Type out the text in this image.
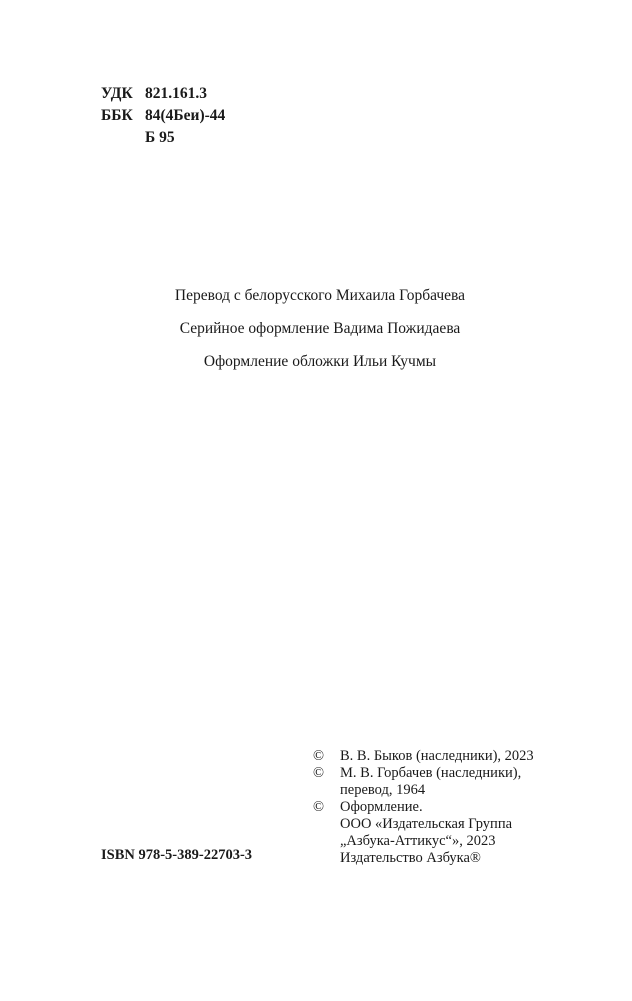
УДК 821.161.3
ББК 84(4Беи)-44
Б 95
Перевод с белорусского Михаила Горбачева
Серийное оформление Вадима Пожидаева
Оформление обложки Ильи Кучмы
©	В. В. Быков (наследники), 2023
©	М. В. Горбачев (наследники),
перевод, 1964
©	Оформление.
ООО «Издательская Группа
„Азбука-Аттикус“», 2023
Издательство Азбука®
ISBN 978-5-389-22703-3
